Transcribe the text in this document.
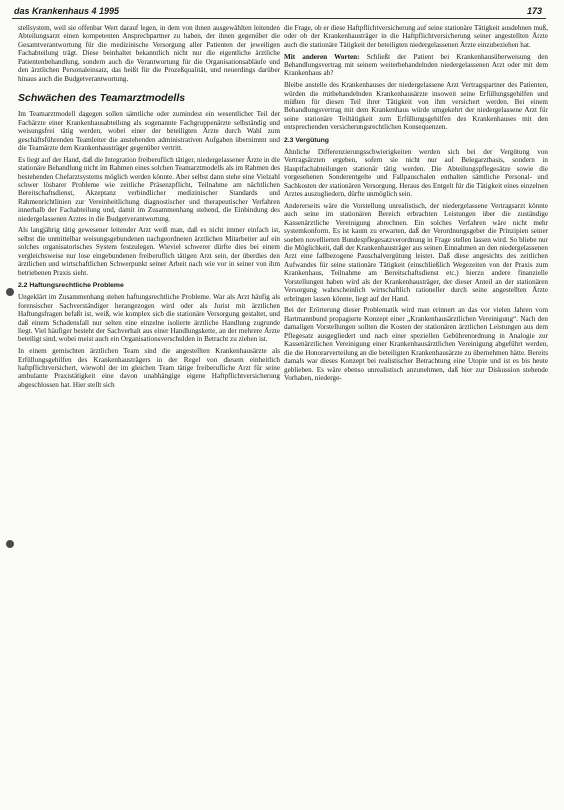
das Krankenhaus 4 1995	173

stellsystem, weil sie offenbar Wert darauf legen, in dem von ihnen ausgewählten leitenden Abteilungsarzt einen kompetenten Ansprechpartner zu haben, der ihnen gegenüber die Gesamtverantwortung für die medizinische Versorgung aller Patienten der jeweiligen Fachabteilung trägt. Diese beinhaltet bekanntlich nicht nur die eigentliche ärztliche Patientenbehandlung, sondern auch die Verantwortung für die Organisationsabläufe und den ärztlichen Personaleinsatz, das heißt für die Prozeßqualität, und neuerdings darüber hinaus auch die Budgetverantwortung.

Schwächen des Teamarztmodells

Im Teamarztmodell dagegen sollen sämtliche oder zumindest ein wesentlicher Teil der Fachärzte einer Krankenhausabteilung als sogenannte Fachgruppenärzte selbständig und weisungsfrei tätig werden, wobei einer der beteiligten Ärzte durch Wahl zum geschäftsführenden Teamleiter die anstehenden administrativen Aufgaben übernimmt und die Teamärzte dem Krankenhausträger gegenüber vertritt.

Es liegt auf der Hand, daß die Integration freiberuflich tätiger, niedergelassener Ärzte in die stationäre Behandlung nicht im Rahmen eines solchen Teamarztmodells als im Rahmen des bestehenden Chefarztsystems möglich werden könnte. Aber selbst dann stehe eine Vielzahl schwer lösbarer Probleme wie zeitliche Präsenzpflicht, Teilnahme am nächtlichen Bereitschaftsdienst, Akzeptanz verbindlicher medizinischer Standards und Rahmenrichtlinien zur Vereinheitlichung diagnostischer und therapeutischer Verfahren innerhalb der Fachabteilung und, damit im Zusammenhang stehend, die Einbindung des niedergelassenen Arztes in die Budgetverantwortung.

Als langjährig tätig gewesener leitender Arzt weiß man, daß es nicht immer einfach ist, selbst die unmittelbar weisungsgebundenen nachgeordneten ärztlichen Mitarbeiter auf ein solches organisatorisches System festzulegen. Wieviel schwerer dürfte dies bei einem vergleichsweise nur lose eingebundenen freiberuflich tätigen Arzt sein, der überdies den ärztlichen und wirtschaftlichen Schwerpunkt seiner Arbeit nach wie vor in seiner von ihm betriebenen Praxis sieht.

2.2 Haftungsrechtliche Probleme

Ungeklärt im Zusammenhang stehen haftungsrechtliche Probleme. War als Arzt häufig als forensischer Sachverständiger herangezogen wird oder als Jurist mit ärztlichen Haftungsfragen befaßt ist, weiß, wie komplex sich die stationäre Versorgung gestaltet, und daß einem Schadensfall nur selten eine einzelne isolierte ärztliche Handlung zugrunde liegt. Viel häufiger besteht der Sachverhalt aus einer Handlungskette, an der mehrere Ärzte beteiligt sind, wobei meist auch ein Organisationsverschulden in Betracht zu ziehen ist.

In einem gemischten ärztlichen Team sind die angestellten Krankenhausärzte als Erfüllungsgehilfen des Krankenhausträgers in der Regel von diesem einheitlich haftpflichtversichert, wiewohl der im gleichen Team tätige freiberufliche Arzt für seine ambulante Praxistätigkeit eine davon unabhängige eigene Haftpflichtversicherung abgeschlossen hat. Hier stellt sich

die Frage, ob er diese Haftpflichtversicherung auf seine stationäre Tätigkeit ausdehnen muß, oder ob der Krankenhausträger in die Haftpflichtversicherung seiner angestellten Ärzte auch die stationäre Tätigkeit der beteiligten niedergelassenen Ärzte einzubeziehen hat.

Mit anderen Worten: Schließt der Patient bei Krankenhausüberweisung den Behandlungsvertrag mit seinem weiterbehandelnden niedergelassenen Arzt oder mit dem Krankenhaus ab?

Bleibe anstelle des Krankenhauses der niedergelassene Arzt Vertragspartner des Patienten, würden die mitbehandelnden Krankenhausärzte insoweit seine Erfüllungsgehilfen und müßten für diesen Teil ihrer Tätigkeit von ihm versichert werden. Bei einem Behandlungsvertrag mit dem Krankenhaus würde umgekehrt der niedergelassene Arzt für seine stationäre Teiltätigkeit zum Erfüllungsgehilfen des Krankenhauses mit den entsprechenden versicherungsrechtlichen Konsequenzen.

2.3 Vergütung

Ähnliche Differenzierungsschwierigkeiten werden sich bei der Vergütung von Vertragsärzten ergeben, sofern sie nicht nur auf Belegarztbasis, sondern in Hauptfachabteilungen stationär tätig werden. Die Abteilungspflegesätze sowie die vorgesehenen Sonderentgelte und Fallpauschalen enthalten sämtliche Personal- und Sachkosten der stationären Versorgung. Heraus des Entgelt für die Tätigkeit eines einzelnen Arztes auszugliedern, dürfte unmöglich sein.

Andererseits wäre die Vorstellung unrealistisch, der niedergelassene Vertragsarzt könnte auch seine im stationären Bereich erbrachten Leistungen über die zuständige Kassenärztliche Vereinigung abrechnen. Ein solches Verfahren wäre nicht mehr systemkonform. Es ist kaum zu erwarten, daß der Verordnungsgeber die Prinzipien seiner soeben novellierten Bundespflegesatzverordnung in Frage stellen lassen wird. So bliebe nur die Möglichkeit, daß der Krankenhausträger aus seinen Einnahmen an den niedergelassenen Arzt eine fallbezogene Pauschalvergütung leistet. Daß diese angesichts des zeitlichen Aufwandes für seine stationäre Tätigkeit (einschließlich Wegezeiten von der Praxis zum Krankenhaus, Teilnahme am Bereitschaftsdienst etc.) hierzu andere finanzielle Vorstellungen haben wird als der Krankenhausträger, der dieser Anteil an der stationären Versorgung wahrscheinlich wirtschaftlich rationeller durch seine angestellten Ärzte erbringen lassen könnte, liegt auf der Hand.

Bei der Erörterung dieser Problematik wird man erinnert an das vor vielen Jahren vom Hartmannbund propagierte Konzept einer „Krankenhausärztlichen Vereinigung“. Nach den damaligen Vorstellungen sollten die Kosten der stationären ärztlichen Leistungen aus dem Pflegesatz ausgegliedert und nach einer speziellen Gebührenordnung in Analogie zur Kassenärztlichen Vereinigung einer Krankenhausärztlichen Vereinigung abgeführt werden, die die Honorarverteilung an die beteiligten Krankenhausärzte zu übernehmen hätte. Bereits damals war dieses Konzept bei realistischer Betrachtung eine Utopie und ist es bis heute geblieben. Es wäre ebenso unrealistisch anzunehmen, daß hier zur Diskussion stehende Vorhaben, niederge-
